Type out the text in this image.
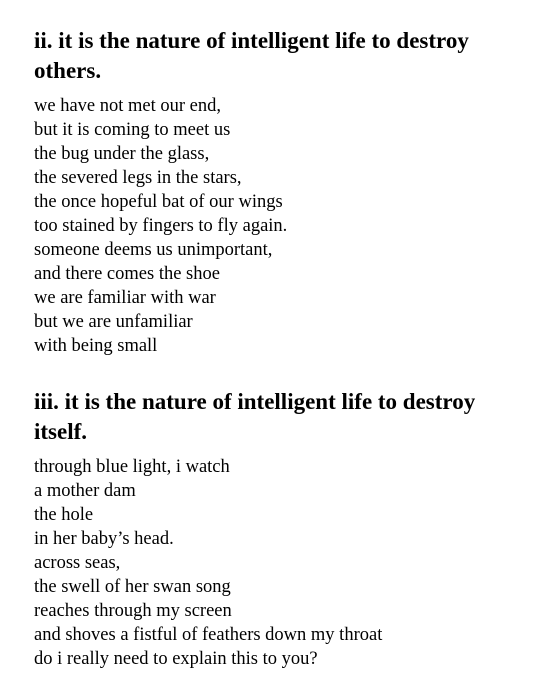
ii. it is the nature of intelligent life to destroy others.
we have not met our end,
but it is coming to meet us
the bug under the glass,
the severed legs in the stars,
the once hopeful bat of our wings
too stained by fingers to fly again.
someone deems us unimportant,
and there comes the shoe
we are familiar with war
but we are unfamiliar
with being small
iii. it is the nature of intelligent life to destroy itself.
through blue light, i watch
a mother dam
the hole
in her baby’s head.
across seas,
the swell of her swan song
reaches through my screen
and shoves a fistful of feathers down my throat
do i really need to explain this to you?
